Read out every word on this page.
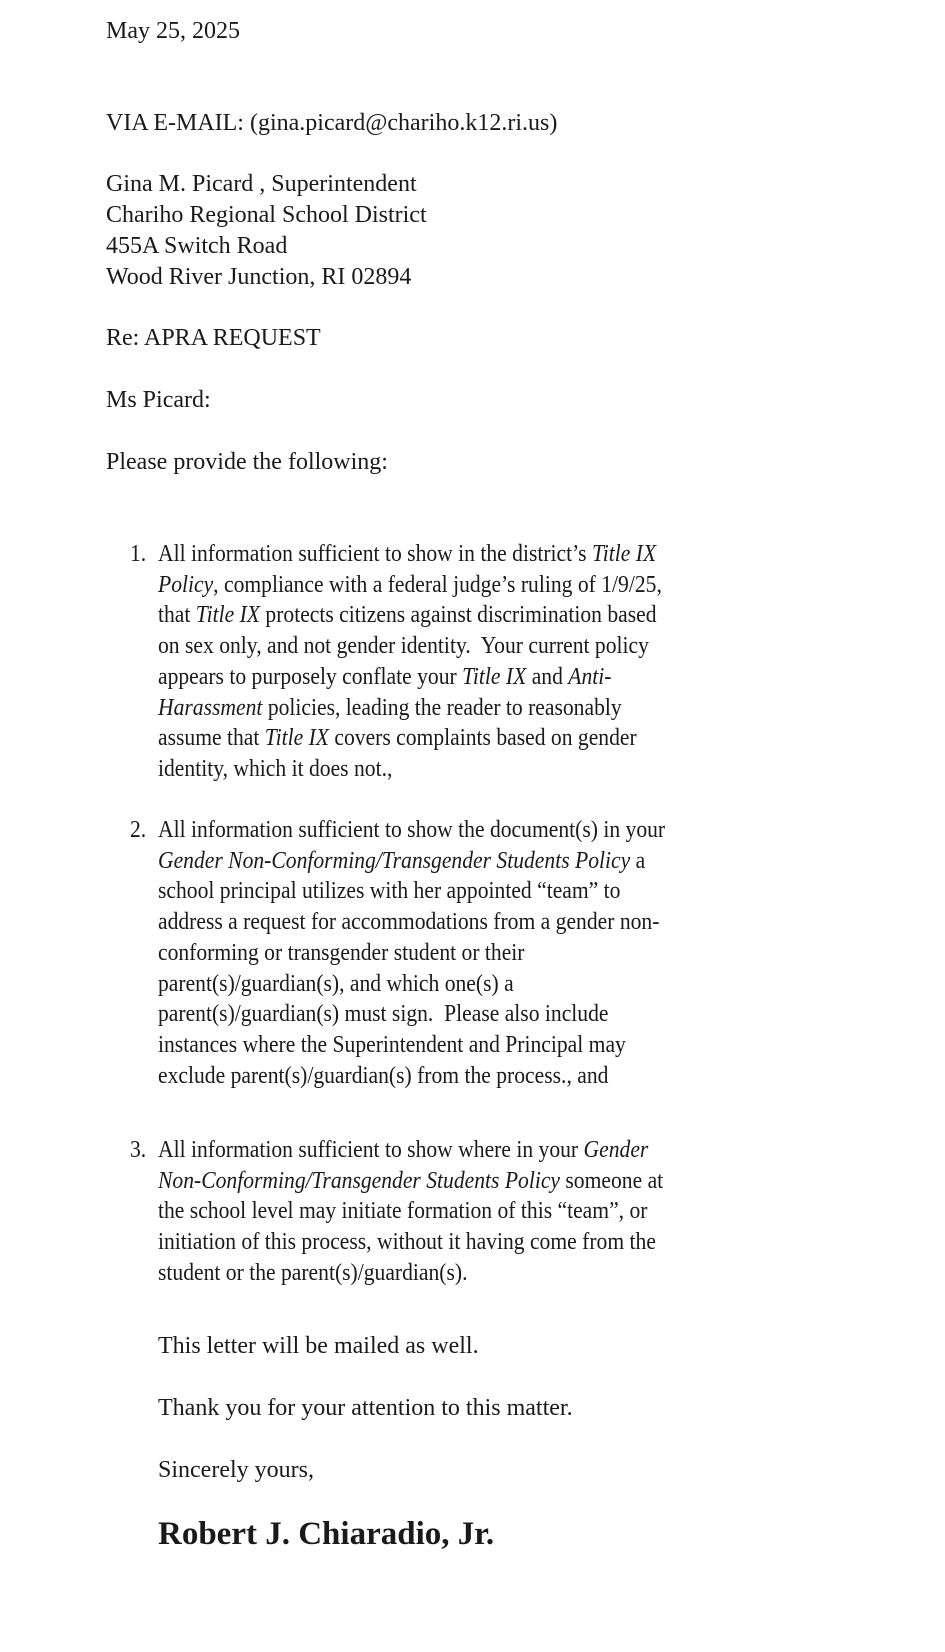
May 25, 2025
VIA E-MAIL: (gina.picard@chariho.k12.ri.us)
Gina M. Picard , Superintendent
Chariho Regional School District
455A Switch Road
Wood River Junction, RI 02894
Re: APRA REQUEST
Ms Picard:
Please provide the following:
1. All information sufficient to show in the district’s Title IX
Policy, compliance with a federal judge’s ruling of 1/9/25,
that Title IX protects citizens against discrimination based
on sex only, and not gender identity.  Your current policy
appears to purposely conflate your Title IX and Anti-
Harassment policies, leading the reader to reasonably
assume that Title IX covers complaints based on gender
identity, which it does not.,
2. All information sufficient to show the document(s) in your
Gender Non-Conforming/Transgender Students Policy a
school principal utilizes with her appointed “team” to
address a request for accommodations from a gender non-
conforming or transgender student or their
parent(s)/guardian(s), and which one(s) a
parent(s)/guardian(s) must sign.  Please also include
instances where the Superintendent and Principal may
exclude parent(s)/guardian(s) from the process., and
3. All information sufficient to show where in your Gender
Non-Conforming/Transgender Students Policy someone at
the school level may initiate formation of this “team”, or
initiation of this process, without it having come from the
student or the parent(s)/guardian(s).
This letter will be mailed as well.
Thank you for your attention to this matter.
Sincerely yours,
Robert J. Chiaradio, Jr.
